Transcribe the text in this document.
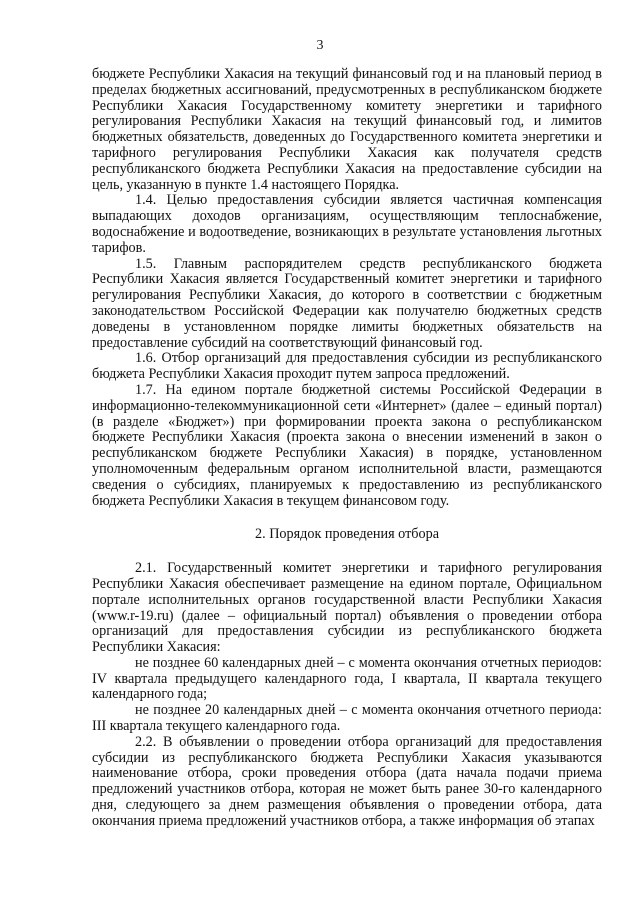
3

бюджете Республики Хакасия на текущий финансовый год и на плановый период в пределах бюджетных ассигнований, предусмотренных в республиканском бюджете Республики Хакасия Государственному комитету энергетики и тарифного регулирования Республики Хакасия на текущий финансовый год, и лимитов бюджетных обязательств, доведенных до Государственного комитета энергетики и тарифного регулирования Республики Хакасия как получателя средств республиканского бюджета Республики Хакасия на предоставление субсидии на цель, указанную в пункте 1.4 настоящего Порядка.

1.4. Целью предоставления субсидии является частичная компенсация выпадающих доходов организациям, осуществляющим теплоснабжение, водоснабжение и водоотведение, возникающих в результате установления льготных тарифов.

1.5. Главным распорядителем средств республиканского бюджета Республики Хакасия является Государственный комитет энергетики и тарифного регулирования Республики Хакасия, до которого в соответствии с бюджетным законодательством Российской Федерации как получателю бюджетных средств доведены в установленном порядке лимиты бюджетных обязательств на предоставление субсидий на соответствующий финансовый год.

1.6. Отбор организаций для предоставления субсидии из республиканского бюджета Республики Хакасия проходит путем запроса предложений.

1.7. На едином портале бюджетной системы Российской Федерации в информационно-телекоммуникационной сети «Интернет» (далее – единый портал) (в разделе «Бюджет») при формировании проекта закона о республиканском бюджете Республики Хакасия (проекта закона о внесении изменений в закон о республиканском бюджете Республики Хакасия) в порядке, установленном уполномоченным федеральным органом исполнительной власти, размещаются сведения о субсидиях, планируемых к предоставлению из республиканского бюджета Республики Хакасия в текущем финансовом году.

2. Порядок проведения отбора

2.1. Государственный комитет энергетики и тарифного регулирования Республики Хакасия обеспечивает размещение на едином портале, Официальном портале исполнительных органов государственной власти Республики Хакасия (www.r-19.ru) (далее – официальный портал) объявления о проведении отбора организаций для предоставления субсидии из республиканского бюджета Республики Хакасия:

не позднее 60 календарных дней – с момента окончания отчетных периодов: IV квартала предыдущего календарного года, I квартала, II квартала текущего календарного года;

не позднее 20 календарных дней – с момента окончания отчетного периода: III квартала текущего календарного года.

2.2. В объявлении о проведении отбора организаций для предоставления субсидии из республиканского бюджета Республики Хакасия указываются наименование отбора, сроки проведения отбора (дата начала подачи приема предложений участников отбора, которая не может быть ранее 30-го календарного дня, следующего за днем размещения объявления о проведении отбора, дата окончания приема предложений участников отбора, а также информация об этапах
